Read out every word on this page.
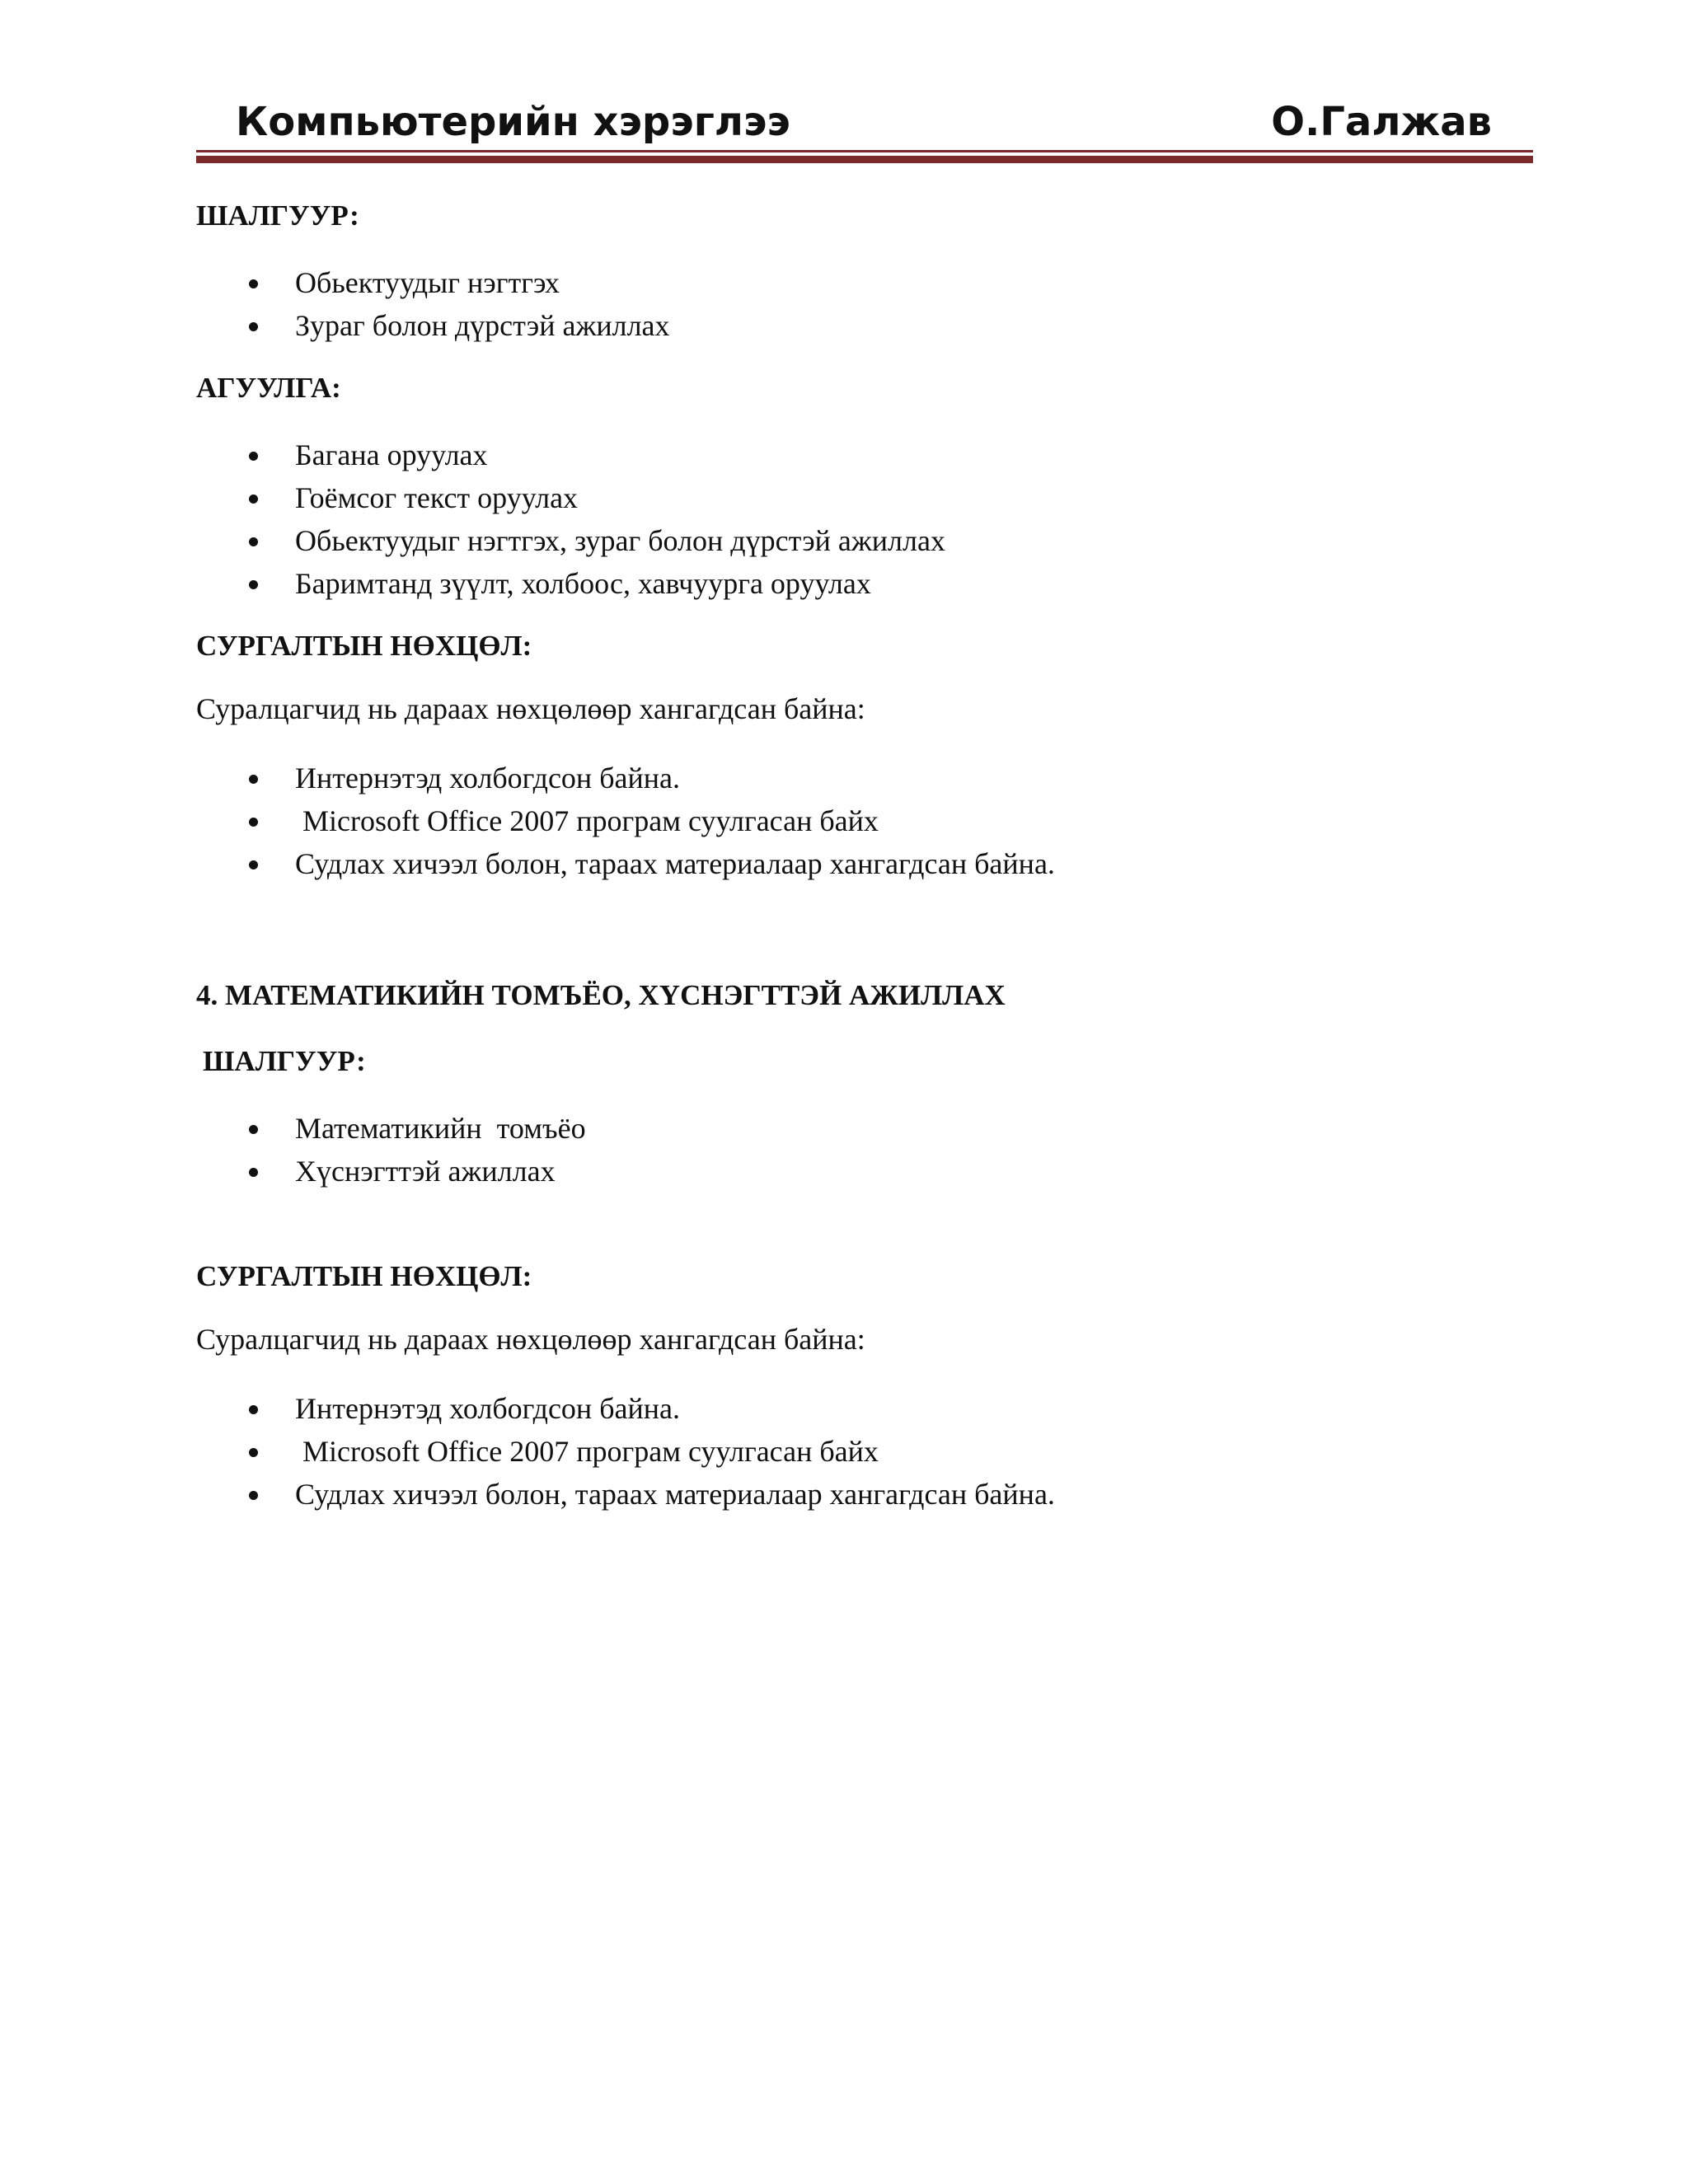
Компьютерийн хэрэглээ	О.Галжав

ШАЛГУУР:

Обьектуудыг нэгтгэх
Зураг болон дүрстэй ажиллах

АГУУЛГА:

Багана оруулах
Гоёмсог текст оруулах
Обьектуудыг нэгтгэх, зураг болон дүрстэй ажиллах
Баримтанд зүүлт, холбоос, хавчуурга оруулах

СУРГАЛТЫН НӨХЦӨЛ:

Суралцагчид нь дараах нөхцөлөөр хангагдсан байна:

Интернэтэд холбогдсон байна.
Microsoft Office 2007 програм суулгасан байх
Судлах хичээл болон, тараах материалаар хангагдсан байна.

4. МАТЕМАТИКИЙН ТОМЪЁО, ХҮСНЭГТТЭЙ АЖИЛЛАХ

ШАЛГУУР:

Математикийн  томъёо
Хүснэгттэй ажиллах

СУРГАЛТЫН НӨХЦӨЛ:

Суралцагчид нь дараах нөхцөлөөр хангагдсан байна:

Интернэтэд холбогдсон байна.
Microsoft Office 2007 програм суулгасан байх
Судлах хичээл болон, тараах материалаар хангагдсан байна.
